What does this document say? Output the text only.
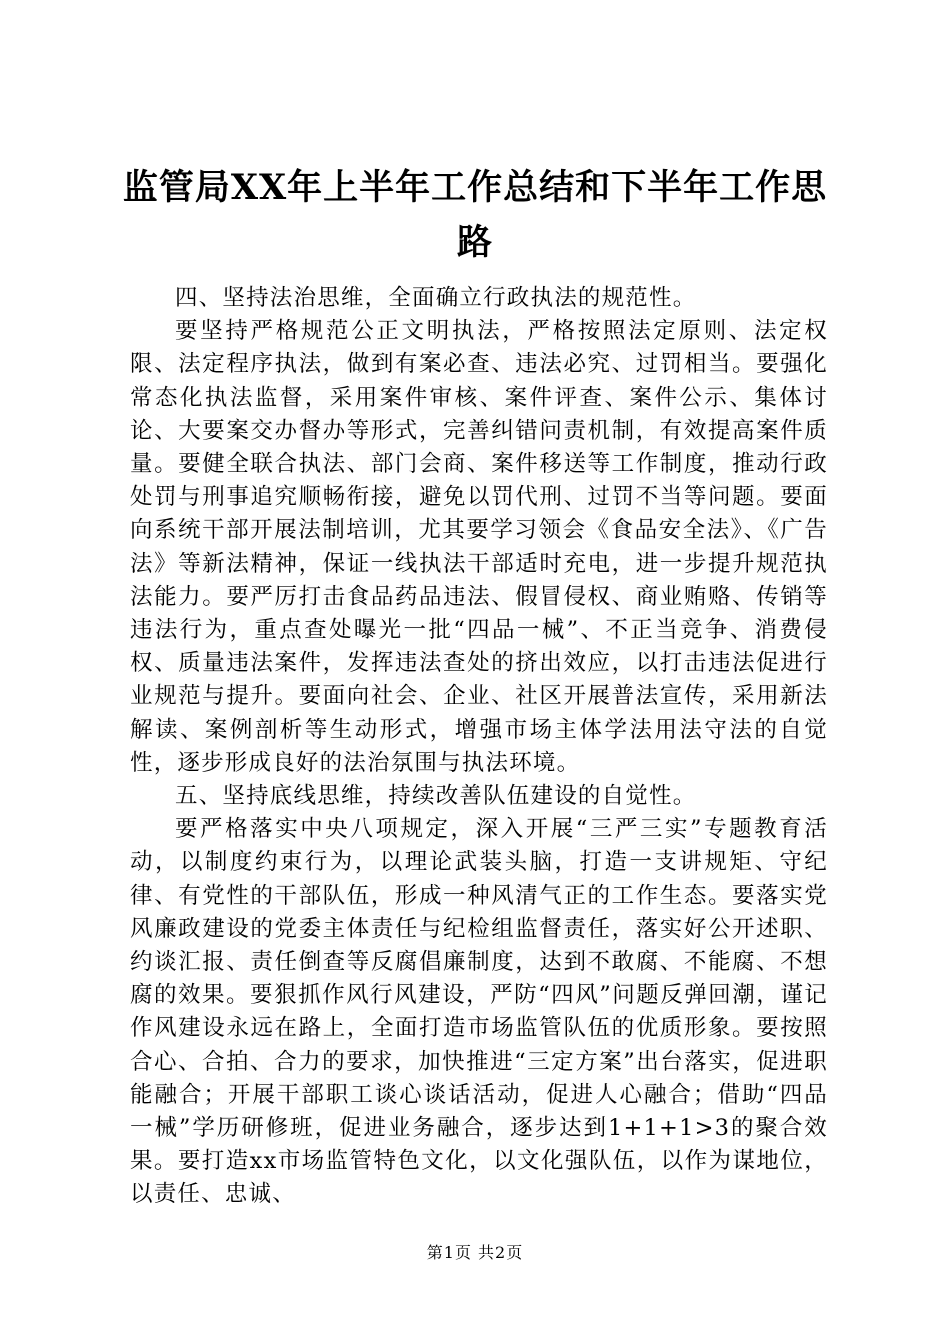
监管局XX年上半年工作总结和下半年工作思路

四、坚持法治思维，全面确立行政执法的规范性。

要坚持严格规范公正文明执法，严格按照法定原则、法定权限、法定程序执法，做到有案必查、违法必究、过罚相当。要强化常态化执法监督，采用案件审核、案件评查、案件公示、集体讨论、大要案交办督办等形式，完善纠错问责机制，有效提高案件质量。要健全联合执法、部门会商、案件移送等工作制度，推动行政处罚与刑事追究顺畅衔接，避免以罚代刑、过罚不当等问题。要面向系统干部开展法制培训，尤其要学习领会《食品安全法》、《广告法》等新法精神，保证一线执法干部适时充电，进一步提升规范执法能力。要严厉打击食品药品违法、假冒侵权、商业贿赂、传销等违法行为，重点查处曝光一批“四品一械”、不正当竞争、消费侵权、质量违法案件，发挥违法查处的挤出效应，以打击违法促进行业规范与提升。要面向社会、企业、社区开展普法宣传，采用新法解读、案例剖析等生动形式，增强市场主体学法用法守法的自觉性，逐步形成良好的法治氛围与执法环境。

五、坚持底线思维，持续改善队伍建设的自觉性。

要严格落实中央八项规定，深入开展“三严三实”专题教育活动，以制度约束行为，以理论武装头脑，打造一支讲规矩、守纪律、有党性的干部队伍，形成一种风清气正的工作生态。要落实党风廉政建设的党委主体责任与纪检组监督责任，落实好公开述职、约谈汇报、责任倒查等反腐倡廉制度，达到不敢腐、不能腐、不想腐的效果。要狠抓作风行风建设，严防“四风”问题反弹回潮，谨记作风建设永远在路上，全面打造市场监管队伍的优质形象。要按照合心、合拍、合力的要求，加快推进“三定方案”出台落实，促进职能融合；开展干部职工谈心谈话活动，促进人心融合；借助“四品一械”学历研修班，促进业务融合，逐步达到1+1+1>3的聚合效果。要打造xx市场监管特色文化，以文化强队伍，以作为谋地位，以责任、忠诚、

第1页 共2页
